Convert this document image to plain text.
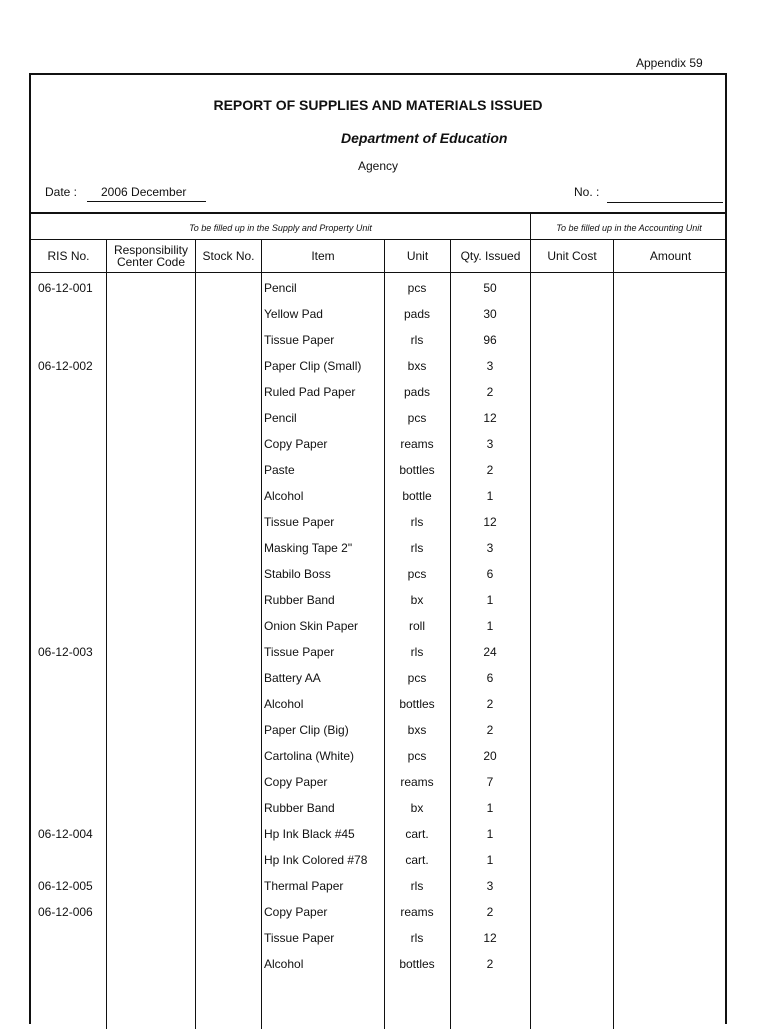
Appendix 59
REPORT OF SUPPLIES AND MATERIALS ISSUED
Department of Education
Agency
Date :	2006 December	No. :
To be filled up in the Supply and Property Unit	To be filled up in the Accounting Unit
RIS No.	Responsibility Center Code	Stock No.	Item	Unit	Qty. Issued	Unit Cost	Amount
06-12-001	Pencil	pcs	50
Yellow Pad	pads	30
Tissue Paper	rls	96
06-12-002	Paper Clip (Small)	bxs	3
Ruled Pad Paper	pads	2
Pencil	pcs	12
Copy Paper	reams	3
Paste	bottles	2
Alcohol	bottle	1
Tissue Paper	rls	12
Masking Tape 2"	rls	3
Stabilo Boss	pcs	6
Rubber Band	bx	1
Onion Skin Paper	roll	1
06-12-003	Tissue Paper	rls	24
Battery AA	pcs	6
Alcohol	bottles	2
Paper Clip (Big)	bxs	2
Cartolina (White)	pcs	20
Copy Paper	reams	7
Rubber Band	bx	1
06-12-004	Hp Ink Black #45	cart.	1
Hp Ink Colored #78	cart.	1
06-12-005	Thermal Paper	rls	3
06-12-006	Copy Paper	reams	2
Tissue Paper	rls	12
Alcohol	bottles	2
